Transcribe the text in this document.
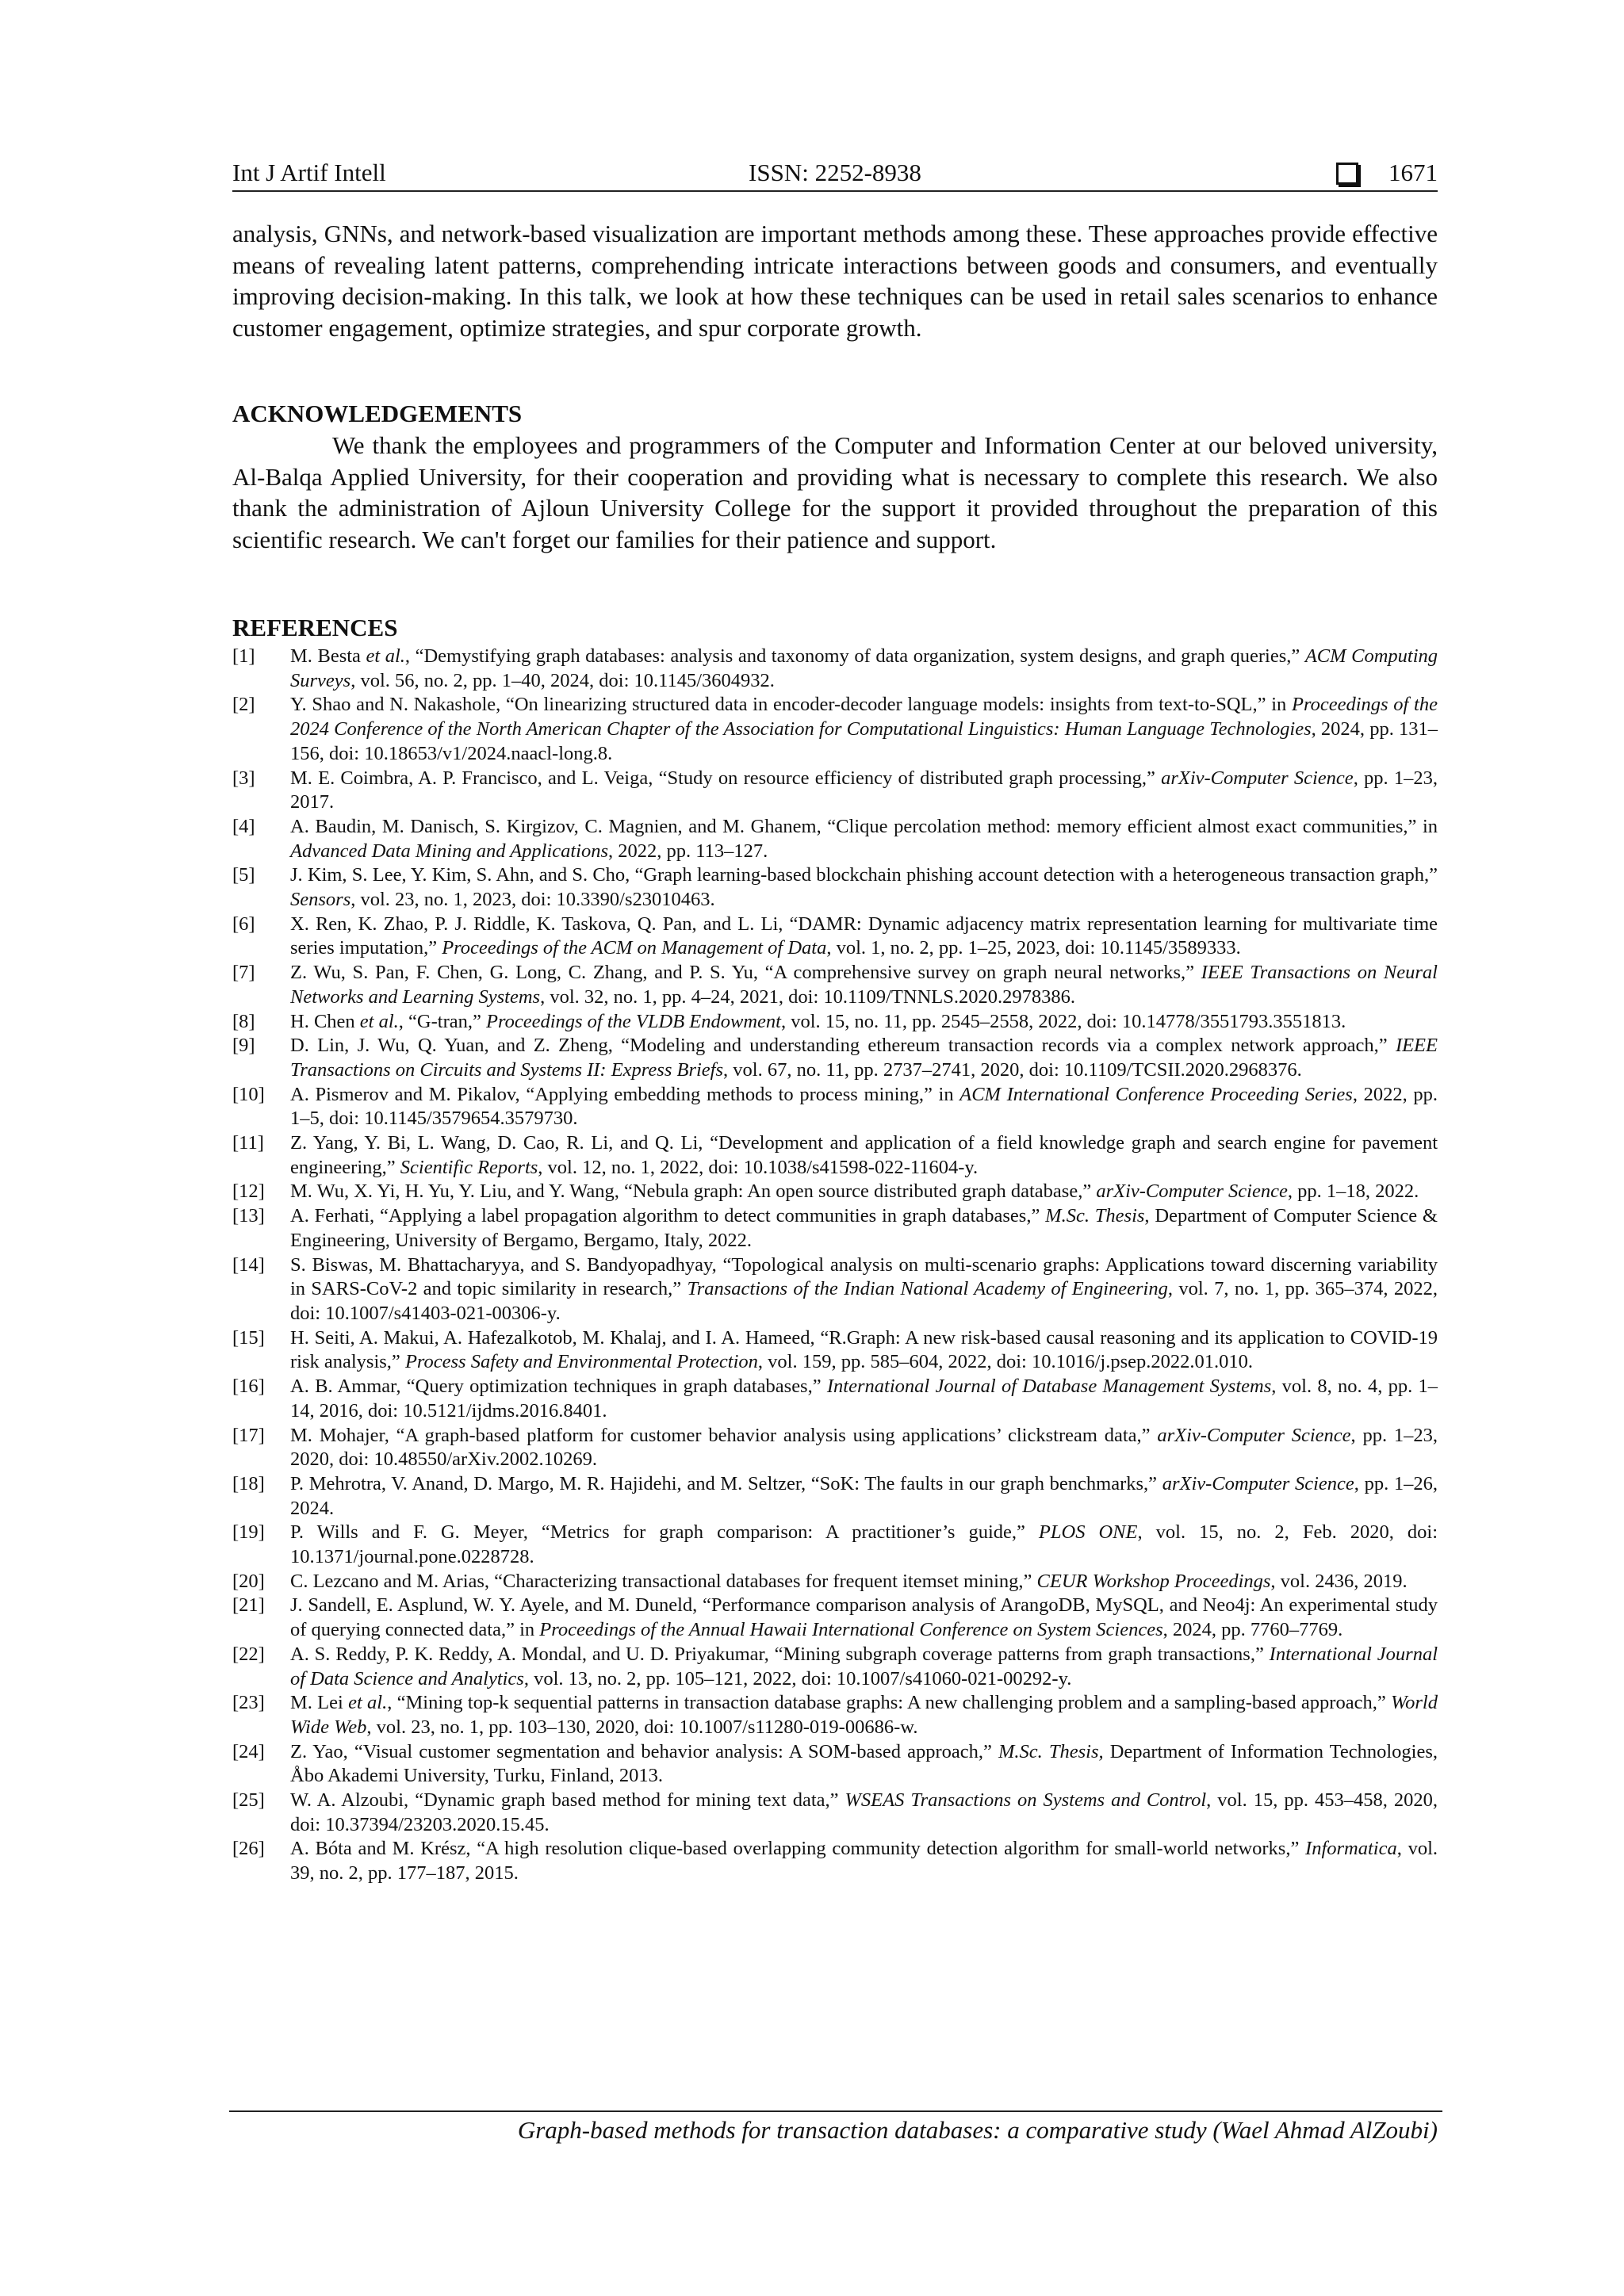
Int J Artif Intell	ISSN: 2252-8938	1671

analysis, GNNs, and network-based visualization are important methods among these. These approaches provide effective means of revealing latent patterns, comprehending intricate interactions between goods and consumers, and eventually improving decision-making. In this talk, we look at how these techniques can be used in retail sales scenarios to enhance customer engagement, optimize strategies, and spur corporate growth.

ACKNOWLEDGEMENTS

We thank the employees and programmers of the Computer and Information Center at our beloved university, Al-Balqa Applied University, for their cooperation and providing what is necessary to complete this research. We also thank the administration of Ajloun University College for the support it provided throughout the preparation of this scientific research. We can't forget our families for their patience and support.

REFERENCES
[1] M. Besta et al., “Demystifying graph databases: analysis and taxonomy of data organization, system designs, and graph queries,” ACM Computing Surveys, vol. 56, no. 2, pp. 1–40, 2024, doi: 10.1145/3604932.
[2] Y. Shao and N. Nakashole, “On linearizing structured data in encoder-decoder language models: insights from text-to-SQL,” in Proceedings of the 2024 Conference of the North American Chapter of the Association for Computational Linguistics: Human Language Technologies, 2024, pp. 131–156, doi: 10.18653/v1/2024.naacl-long.8.
[3] M. E. Coimbra, A. P. Francisco, and L. Veiga, “Study on resource efficiency of distributed graph processing,” arXiv-Computer Science, pp. 1–23, 2017.
[4] A. Baudin, M. Danisch, S. Kirgizov, C. Magnien, and M. Ghanem, “Clique percolation method: memory efficient almost exact communities,” in Advanced Data Mining and Applications, 2022, pp. 113–127.
[5] J. Kim, S. Lee, Y. Kim, S. Ahn, and S. Cho, “Graph learning-based blockchain phishing account detection with a heterogeneous transaction graph,” Sensors, vol. 23, no. 1, 2023, doi: 10.3390/s23010463.
[6] X. Ren, K. Zhao, P. J. Riddle, K. Taskova, Q. Pan, and L. Li, “DAMR: Dynamic adjacency matrix representation learning for multivariate time series imputation,” Proceedings of the ACM on Management of Data, vol. 1, no. 2, pp. 1–25, 2023, doi: 10.1145/3589333.
[7] Z. Wu, S. Pan, F. Chen, G. Long, C. Zhang, and P. S. Yu, “A comprehensive survey on graph neural networks,” IEEE Transactions on Neural Networks and Learning Systems, vol. 32, no. 1, pp. 4–24, 2021, doi: 10.1109/TNNLS.2020.2978386.
[8] H. Chen et al., “G-tran,” Proceedings of the VLDB Endowment, vol. 15, no. 11, pp. 2545–2558, 2022, doi: 10.14778/3551793.3551813.
[9] D. Lin, J. Wu, Q. Yuan, and Z. Zheng, “Modeling and understanding ethereum transaction records via a complex network approach,” IEEE Transactions on Circuits and Systems II: Express Briefs, vol. 67, no. 11, pp. 2737–2741, 2020, doi: 10.1109/TCSII.2020.2968376.
[10] A. Pismerov and M. Pikalov, “Applying embedding methods to process mining,” in ACM International Conference Proceeding Series, 2022, pp. 1–5, doi: 10.1145/3579654.3579730.
[11] Z. Yang, Y. Bi, L. Wang, D. Cao, R. Li, and Q. Li, “Development and application of a field knowledge graph and search engine for pavement engineering,” Scientific Reports, vol. 12, no. 1, 2022, doi: 10.1038/s41598-022-11604-y.
[12] M. Wu, X. Yi, H. Yu, Y. Liu, and Y. Wang, “Nebula graph: An open source distributed graph database,” arXiv-Computer Science, pp. 1–18, 2022.
[13] A. Ferhati, “Applying a label propagation algorithm to detect communities in graph databases,” M.Sc. Thesis, Department of Computer Science & Engineering, University of Bergamo, Bergamo, Italy, 2022.
[14] S. Biswas, M. Bhattacharyya, and S. Bandyopadhyay, “Topological analysis on multi-scenario graphs: Applications toward discerning variability in SARS-CoV-2 and topic similarity in research,” Transactions of the Indian National Academy of Engineering, vol. 7, no. 1, pp. 365–374, 2022, doi: 10.1007/s41403-021-00306-y.
[15] H. Seiti, A. Makui, A. Hafezalkotob, M. Khalaj, and I. A. Hameed, “R.Graph: A new risk-based causal reasoning and its application to COVID-19 risk analysis,” Process Safety and Environmental Protection, vol. 159, pp. 585–604, 2022, doi: 10.1016/j.psep.2022.01.010.
[16] A. B. Ammar, “Query optimization techniques in graph databases,” International Journal of Database Management Systems, vol. 8, no. 4, pp. 1–14, 2016, doi: 10.5121/ijdms.2016.8401.
[17] M. Mohajer, “A graph-based platform for customer behavior analysis using applications’ clickstream data,” arXiv-Computer Science, pp. 1–23, 2020, doi: 10.48550/arXiv.2002.10269.
[18] P. Mehrotra, V. Anand, D. Margo, M. R. Hajidehi, and M. Seltzer, “SoK: The faults in our graph benchmarks,” arXiv-Computer Science, pp. 1–26, 2024.
[19] P. Wills and F. G. Meyer, “Metrics for graph comparison: A practitioner’s guide,” PLOS ONE, vol. 15, no. 2, Feb. 2020, doi: 10.1371/journal.pone.0228728.
[20] C. Lezcano and M. Arias, “Characterizing transactional databases for frequent itemset mining,” CEUR Workshop Proceedings, vol. 2436, 2019.
[21] J. Sandell, E. Asplund, W. Y. Ayele, and M. Duneld, “Performance comparison analysis of ArangoDB, MySQL, and Neo4j: An experimental study of querying connected data,” in Proceedings of the Annual Hawaii International Conference on System Sciences, 2024, pp. 7760–7769.
[22] A. S. Reddy, P. K. Reddy, A. Mondal, and U. D. Priyakumar, “Mining subgraph coverage patterns from graph transactions,” International Journal of Data Science and Analytics, vol. 13, no. 2, pp. 105–121, 2022, doi: 10.1007/s41060-021-00292-y.
[23] M. Lei et al., “Mining top-k sequential patterns in transaction database graphs: A new challenging problem and a sampling-based approach,” World Wide Web, vol. 23, no. 1, pp. 103–130, 2020, doi: 10.1007/s11280-019-00686-w.
[24] Z. Yao, “Visual customer segmentation and behavior analysis: A SOM-based approach,” M.Sc. Thesis, Department of Information Technologies, Åbo Akademi University, Turku, Finland, 2013.
[25] W. A. Alzoubi, “Dynamic graph based method for mining text data,” WSEAS Transactions on Systems and Control, vol. 15, pp. 453–458, 2020, doi: 10.37394/23203.2020.15.45.
[26] A. Bóta and M. Krész, “A high resolution clique-based overlapping community detection algorithm for small-world networks,” Informatica, vol. 39, no. 2, pp. 177–187, 2015.
Graph-based methods for transaction databases: a comparative study (Wael Ahmad AlZoubi)
